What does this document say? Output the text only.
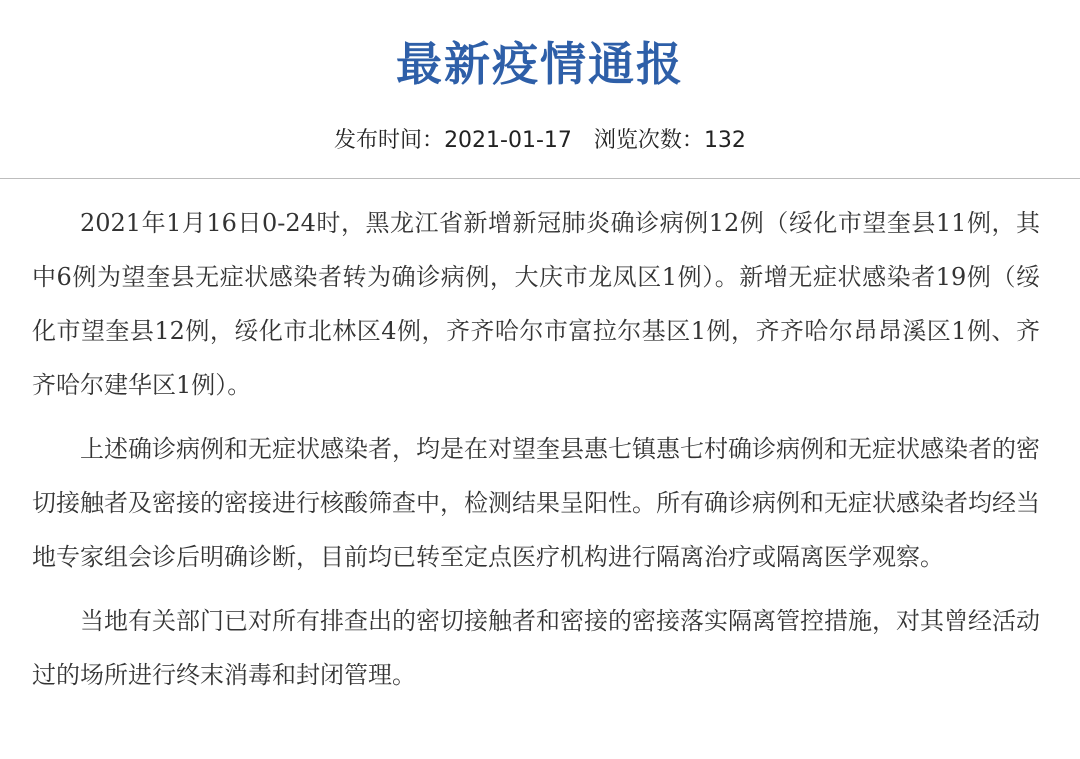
最新疫情通报
发布时间：2021-01-17 浏览次数：132

2021年1月16日0-24时，黑龙江省新增新冠肺炎确诊病例12例（绥化市望奎县11例，其中6例为望奎县无症状感染者转为确诊病例，大庆市龙凤区1例）。新增无症状感染者19例（绥化市望奎县12例，绥化市北林区4例，齐齐哈尔市富拉尔基区1例，齐齐哈尔昂昂溪区1例、齐齐哈尔建华区1例）。

上述确诊病例和无症状感染者，均是在对望奎县惠七镇惠七村确诊病例和无症状感染者的密切接触者及密接的密接进行核酸筛查中，检测结果呈阳性。所有确诊病例和无症状感染者均经当地专家组会诊后明确诊断，目前均已转至定点医疗机构进行隔离治疗或隔离医学观察。

当地有关部门已对所有排查出的密切接触者和密接的密接落实隔离管控措施，对其曾经活动过的场所进行终末消毒和封闭管理。
